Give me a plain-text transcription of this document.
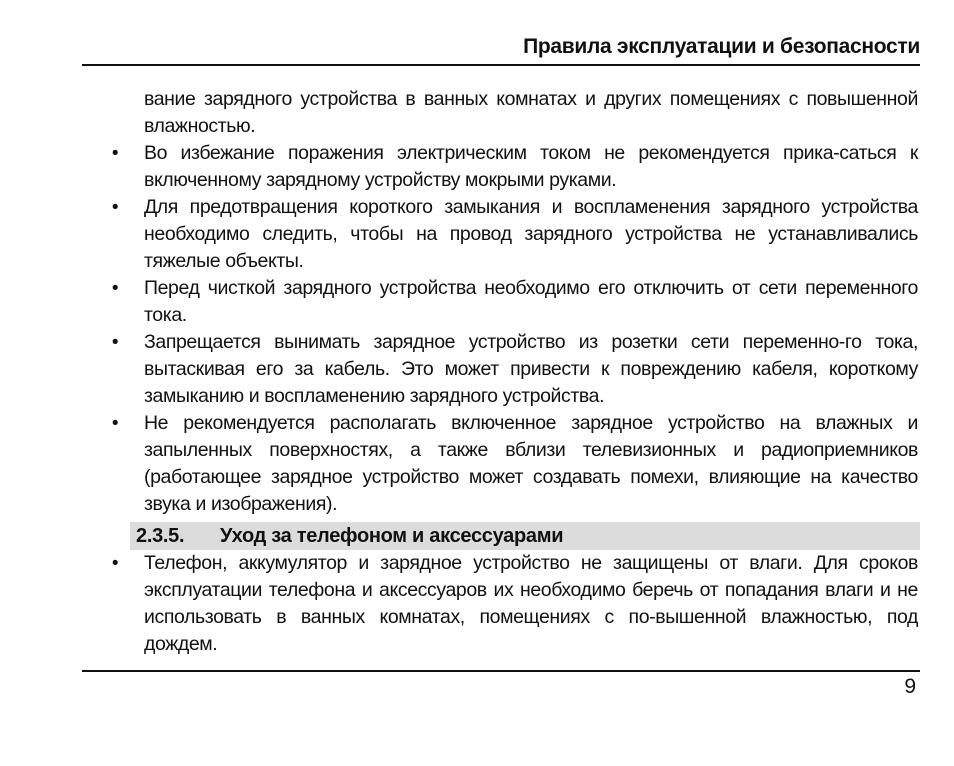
Правила эксплуатации и безопасности
вание зарядного устройства в ванных комнатах и других помещениях с повышенной влажностью.
• Во избежание поражения электрическим током не рекомендуется прика-саться к включенному зарядному устройству мокрыми руками.
• Для предотвращения короткого замыкания и воспламенения зарядного устройства необходимо следить, чтобы на провод зарядного устройства не устанавливались тяжелые объекты.
• Перед чисткой зарядного устройства необходимо его отключить от сети переменного тока.
• Запрещается вынимать зарядное устройство из розетки сети переменно-го тока, вытаскивая его за кабель. Это может привести к повреждению кабеля, короткому замыканию и воспламенению зарядного устройства.
• Не рекомендуется располагать включенное зарядное устройство на влажных и запыленных поверхностях, а также вблизи телевизионных и радиоприемников (работающее зарядное устройство может создавать помехи, влияющие на качество звука и изображения).
2.3.5. Уход за телефоном и аксессуарами
• Телефон, аккумулятор и зарядное устройство не защищены от влаги. Для сроков эксплуатации телефона и аксессуаров их необходимо беречь от попадания влаги и не использовать в ванных комнатах, помещениях с по-вышенной влажностью, под дождем.
9
